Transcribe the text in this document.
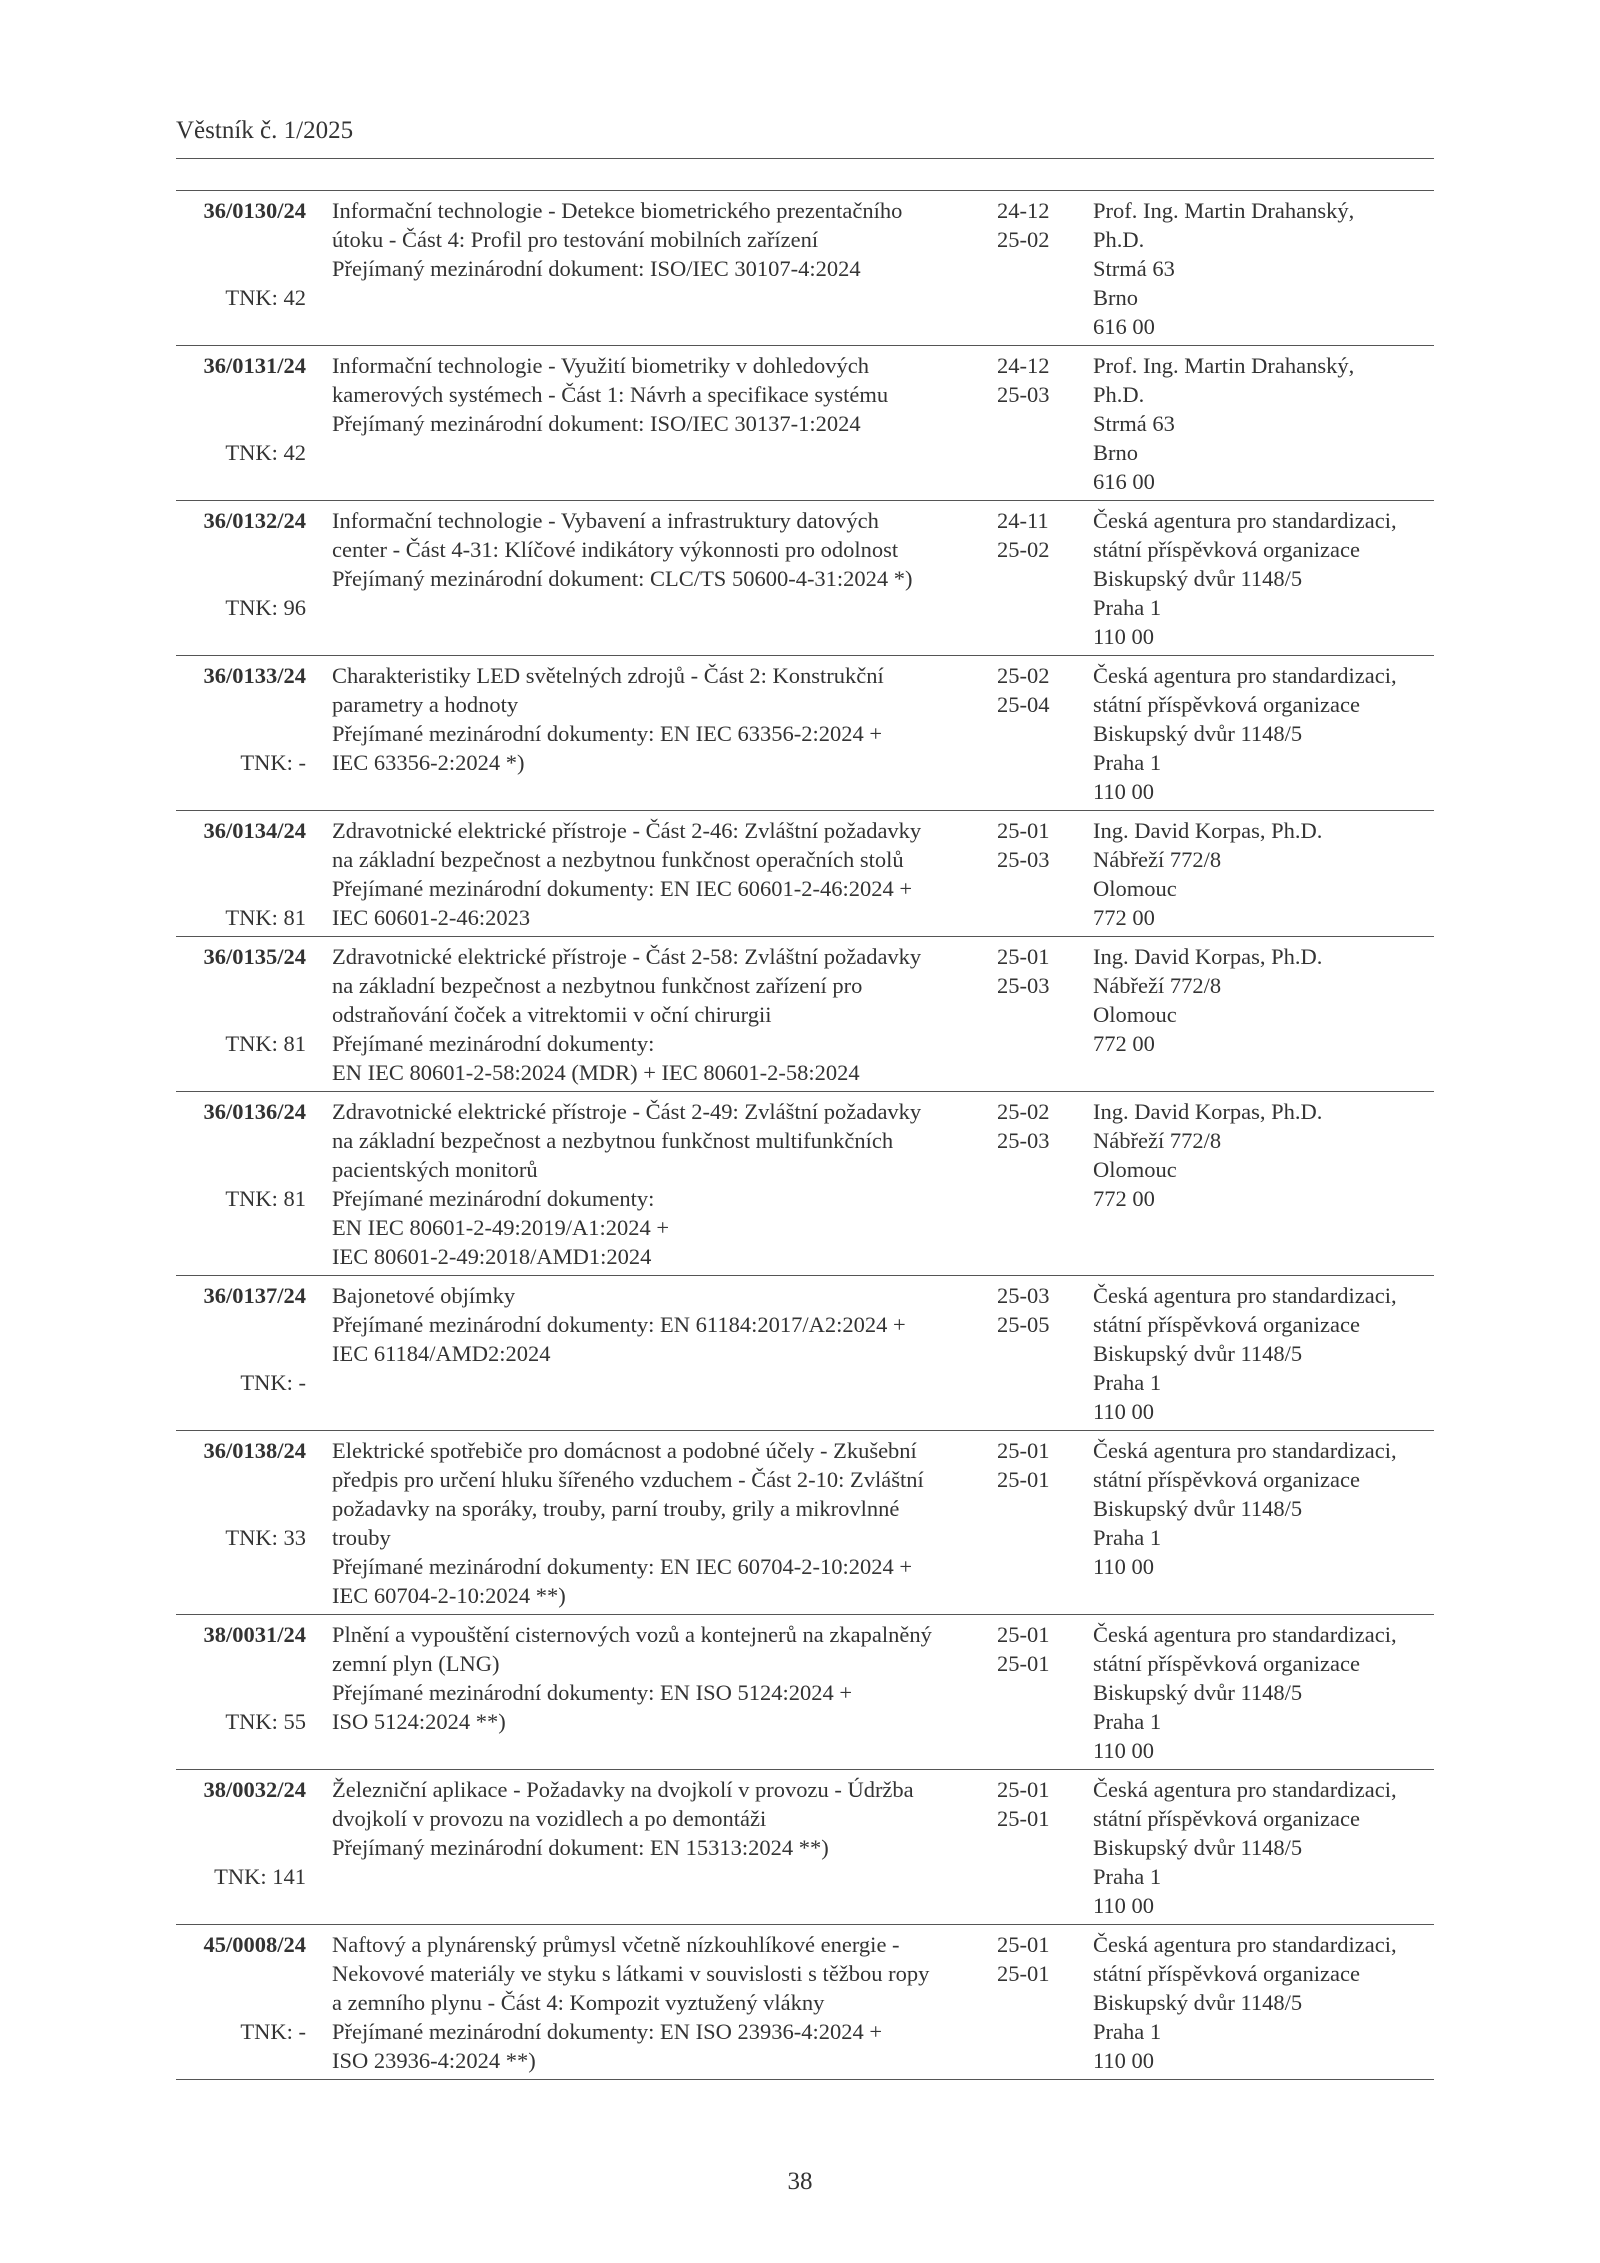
Věstník č. 1/2025
36/0130/24
TNK: 42
Informační technologie - Detekce biometrického prezentačního
útoku - Část 4: Profil pro testování mobilních zařízení
Přejímaný mezinárodní dokument: ISO/IEC 30107-4:2024
24-12
25-02
Prof. Ing. Martin Drahanský,
Ph.D.
Strmá 63
Brno
616 00
36/0131/24
TNK: 42
Informační technologie - Využití biometriky v dohledových
kamerových systémech - Část 1: Návrh a specifikace systému
Přejímaný mezinárodní dokument: ISO/IEC 30137-1:2024
24-12
25-03
Prof. Ing. Martin Drahanský,
Ph.D.
Strmá 63
Brno
616 00
36/0132/24
TNK: 96
Informační technologie - Vybavení a infrastruktury datových
center - Část 4-31: Klíčové indikátory výkonnosti pro odolnost
Přejímaný mezinárodní dokument: CLC/TS 50600-4-31:2024 *)
24-11
25-02
Česká agentura pro standardizaci,
státní příspěvková organizace
Biskupský dvůr 1148/5
Praha 1
110 00
36/0133/24
TNK: -
Charakteristiky LED světelných zdrojů - Část 2: Konstrukční
parametry a hodnoty
Přejímané mezinárodní dokumenty: EN IEC 63356-2:2024 +
IEC 63356-2:2024 *)
25-02
25-04
Česká agentura pro standardizaci,
státní příspěvková organizace
Biskupský dvůr 1148/5
Praha 1
110 00
36/0134/24
TNK: 81
Zdravotnické elektrické přístroje - Část 2-46: Zvláštní požadavky
na základní bezpečnost a nezbytnou funkčnost operačních stolů
Přejímané mezinárodní dokumenty: EN IEC 60601-2-46:2024 +
IEC 60601-2-46:2023
25-01
25-03
Ing. David Korpas, Ph.D.
Nábřeží 772/8
Olomouc
772 00
36/0135/24
TNK: 81
Zdravotnické elektrické přístroje - Část 2-58: Zvláštní požadavky
na základní bezpečnost a nezbytnou funkčnost zařízení pro
odstraňování čoček a vitrektomii v oční chirurgii
Přejímané mezinárodní dokumenty:
EN IEC 80601-2-58:2024 (MDR) + IEC 80601-2-58:2024
25-01
25-03
Ing. David Korpas, Ph.D.
Nábřeží 772/8
Olomouc
772 00
36/0136/24
TNK: 81
Zdravotnické elektrické přístroje - Část 2-49: Zvláštní požadavky
na základní bezpečnost a nezbytnou funkčnost multifunkčních
pacientských monitorů
Přejímané mezinárodní dokumenty:
EN IEC 80601-2-49:2019/A1:2024 +
IEC 80601-2-49:2018/AMD1:2024
25-02
25-03
Ing. David Korpas, Ph.D.
Nábřeží 772/8
Olomouc
772 00
36/0137/24
TNK: -
Bajonetové objímky
Přejímané mezinárodní dokumenty: EN 61184:2017/A2:2024 +
IEC 61184/AMD2:2024
25-03
25-05
Česká agentura pro standardizaci,
státní příspěvková organizace
Biskupský dvůr 1148/5
Praha 1
110 00
36/0138/24
TNK: 33
Elektrické spotřebiče pro domácnost a podobné účely - Zkušební
předpis pro určení hluku šířeného vzduchem - Část 2-10: Zvláštní
požadavky na sporáky, trouby, parní trouby, grily a mikrovlnné
trouby
Přejímané mezinárodní dokumenty: EN IEC 60704-2-10:2024 +
IEC 60704-2-10:2024 **)
25-01
25-01
Česká agentura pro standardizaci,
státní příspěvková organizace
Biskupský dvůr 1148/5
Praha 1
110 00
38/0031/24
TNK: 55
Plnění a vypouštění cisternových vozů a kontejnerů na zkapalněný
zemní plyn (LNG)
Přejímané mezinárodní dokumenty: EN ISO 5124:2024 +
ISO 5124:2024 **)
25-01
25-01
Česká agentura pro standardizaci,
státní příspěvková organizace
Biskupský dvůr 1148/5
Praha 1
110 00
38/0032/24
TNK: 141
Železniční aplikace - Požadavky na dvojkolí v provozu - Údržba
dvojkolí v provozu na vozidlech a po demontáži
Přejímaný mezinárodní dokument: EN 15313:2024 **)
25-01
25-01
Česká agentura pro standardizaci,
státní příspěvková organizace
Biskupský dvůr 1148/5
Praha 1
110 00
45/0008/24
TNK: -
Naftový a plynárenský průmysl včetně nízkouhlíkové energie -
Nekovové materiály ve styku s látkami v souvislosti s těžbou ropy
a zemního plynu - Část 4: Kompozit vyztužený vlákny
Přejímané mezinárodní dokumenty: EN ISO 23936-4:2024 +
ISO 23936-4:2024 **)
25-01
25-01
Česká agentura pro standardizaci,
státní příspěvková organizace
Biskupský dvůr 1148/5
Praha 1
110 00
38
